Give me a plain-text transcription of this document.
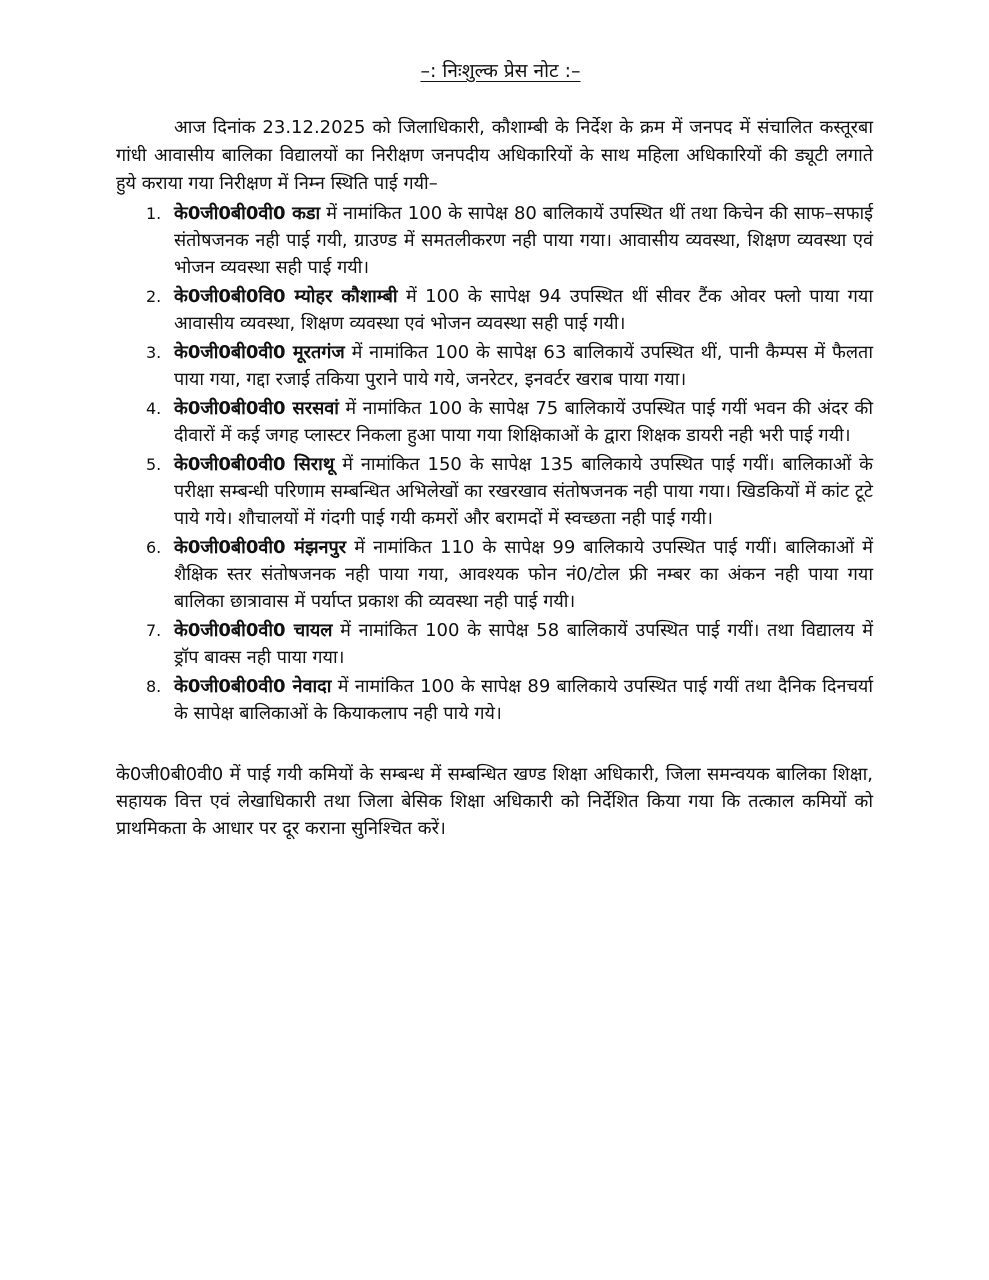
–: निःशुल्क प्रेस नोट :–

आज दिनांक 23.12.2025 को जिलाधिकारी, कौशाम्बी के निर्देश के क्रम में जनपद में संचालित कस्तूरबा गांधी आवासीय बालिका विद्यालयों का निरीक्षण जनपदीय अधिकारियों के साथ महिला अधिकारियों की ड्यूटी लगाते हुये कराया गया निरीक्षण में निम्न स्थिति पाई गयी–

1. के0जी0बी0वी0 कडा में नामांकित 100 के सापेक्ष 80 बालिकायें उपस्थित थीं तथा किचेन की साफ–सफाई संतोषजनक नही पाई गयी, ग्राउण्ड में समतलीकरण नही पाया गया। आवासीय व्यवस्था, शिक्षण व्यवस्था एवं भोजन व्यवस्था सही पाई गयी।
2. के0जी0बी0वि0 म्योहर कौशाम्बी में 100 के सापेक्ष 94 उपस्थित थीं सीवर टैंक ओवर फ्लो पाया गया आवासीय व्यवस्था, शिक्षण व्यवस्था एवं भोजन व्यवस्था सही पाई गयी।
3. के0जी0बी0वी0 मूरतगंज में नामांकित 100 के सापेक्ष 63 बालिकायें उपस्थित थीं, पानी कैम्पस में फैलता पाया गया, गद्दा रजाई तकिया पुराने पाये गये, जनरेटर, इनवर्टर खराब पाया गया।
4. के0जी0बी0वी0 सरसवां में नामांकित 100 के सापेक्ष 75 बालिकायें उपस्थित पाई गयीं भवन की अंदर की दीवारों में कई जगह प्लास्टर निकला हुआ पाया गया शिक्षिकाओं के द्वारा शिक्षक डायरी नही भरी पाई गयी।
5. के0जी0बी0वी0 सिराथू में नामांकित 150 के सापेक्ष 135 बालिकाये उपस्थित पाई गयीं। बालिकाओं के परीक्षा सम्बन्धी परिणाम सम्बन्धित अभिलेखों का रखरखाव संतोषजनक नही पाया गया। खिडकियों में कांट टूटे पाये गये। शौचालयों में गंदगी पाई गयी कमरों और बरामदों में स्वच्छता नही पाई गयी।
6. के0जी0बी0वी0 मंझनपुर में नामांकित 110 के सापेक्ष 99 बालिकाये उपस्थित पाई गयीं। बालिकाओं में शैक्षिक स्तर संतोषजनक नही पाया गया, आवश्यक फोन नं0/टोल फ्री नम्बर का अंकन नही पाया गया बालिका छात्रावास में पर्याप्त प्रकाश की व्यवस्था नही पाई गयी।
7. के0जी0बी0वी0 चायल में नामांकित 100 के सापेक्ष 58 बालिकायें उपस्थित पाई गयीं। तथा विद्यालय में ड्रॉप बाक्स नही पाया गया।
8. के0जी0बी0वी0 नेवादा में नामांकित 100 के सापेक्ष 89 बालिकाये उपस्थित पाई गयीं तथा दैनिक दिनचर्या के सापेक्ष बालिकाओं के कियाकलाप नही पाये गये।

के0जी0बी0वी0 में पाई गयी कमियों के सम्बन्ध में सम्बन्धित खण्ड शिक्षा अधिकारी, जिला समन्वयक बालिका शिक्षा, सहायक वित्त एवं लेखाधिकारी तथा जिला बेसिक शिक्षा अधिकारी को निर्देशित किया गया कि तत्काल कमियों को प्राथमिकता के आधार पर दूर कराना सुनिश्चित करें।
